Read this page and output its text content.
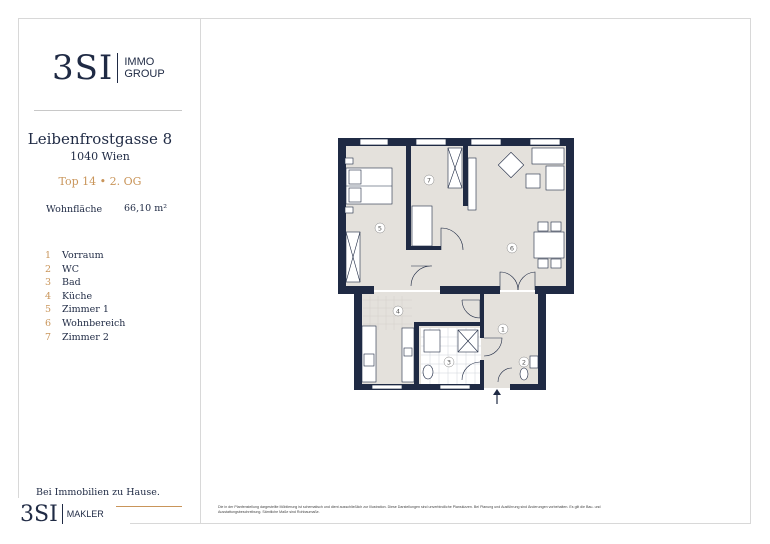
3SI IMMO
GROUP
Leibenfrostgasse 8
1040 Wien
Top 14 • 2. OG
Wohnfläche 66,10 m²
1	Vorraum
2	WC
3	Bad
4	Küche
5	Zimmer 1
6	Wohnbereich
7	Zimmer 2
Bei Immobilien zu Hause.
3SI MAKLER
Die in der Planfenstellung dargestellte Möblierung ist schematisch und dient ausschließlich zur Illustration. Diese Darstellungen sind unverbindliche Planskizzen. Bei Planung und Ausführung sind Änderungen vorbehalten. Es gilt die Bau- und Ausstattungsbeschreibung. Sämtliche Maße sind Rohbaumaße.
5
7
6
4
1
3	2
